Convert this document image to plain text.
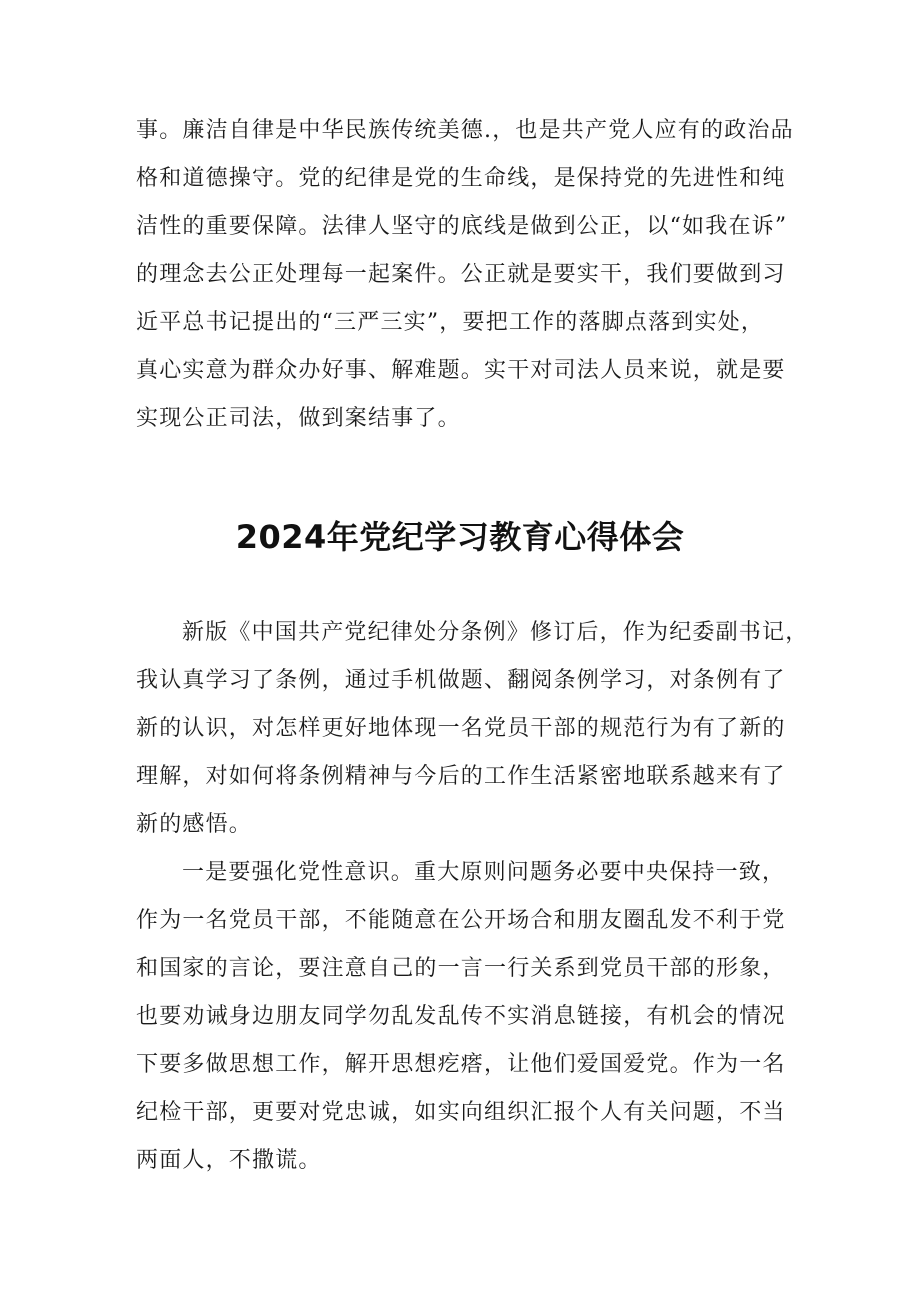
事。廉洁自律是中华民族传统美德.，也是共产党人应有的政治品
格和道德操守。党的纪律是党的生命线，是保持党的先进性和纯
洁性的重要保障。法律人坚守的底线是做到公正，以“如我在诉”
的理念去公正处理每一起案件。公正就是要实干，我们要做到习
近平总书记提出的“三严三实”，要把工作的落脚点落到实处，
真心实意为群众办好事、解难题。实干对司法人员来说，就是要
实现公正司法，做到案结事了。
2024年党纪学习教育心得体会
新版《中国共产党纪律处分条例》修订后，作为纪委副书记，
我认真学习了条例，通过手机做题、翻阅条例学习，对条例有了
新的认识，对怎样更好地体现一名党员干部的规范行为有了新的
理解，对如何将条例精神与今后的工作生活紧密地联系越来有了
新的感悟。
一是要强化党性意识。重大原则问题务必要中央保持一致，
作为一名党员干部，不能随意在公开场合和朋友圈乱发不利于党
和国家的言论，要注意自己的一言一行关系到党员干部的形象，
也要劝诫身边朋友同学勿乱发乱传不实消息链接，有机会的情况
下要多做思想工作，解开思想疙瘩，让他们爱国爱党。作为一名
纪检干部，更要对党忠诚，如实向组织汇报个人有关问题，不当
两面人，不撒谎。
